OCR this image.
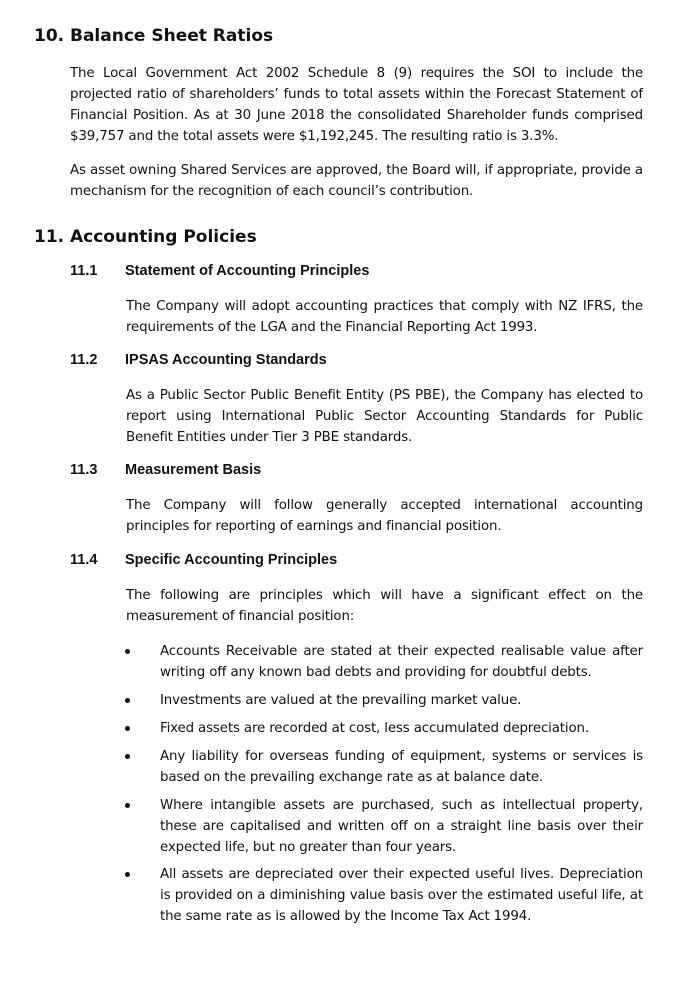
10. Balance Sheet Ratios

The Local Government Act 2002 Schedule 8 (9) requires the SOI to include the projected ratio of shareholders’ funds to total assets within the Forecast Statement of Financial Position. As at 30 June 2018 the consolidated Shareholder funds comprised $39,757 and the total assets were $1,192,245. The resulting ratio is 3.3%.

As asset owning Shared Services are approved, the Board will, if appropriate, provide a mechanism for the recognition of each council’s contribution.

11. Accounting Policies
11.1 Statement of Accounting Principles

The Company will adopt accounting practices that comply with NZ IFRS, the requirements of the LGA and the Financial Reporting Act 1993.

11.2 IPSAS Accounting Standards

As a Public Sector Public Benefit Entity (PS PBE), the Company has elected to report using International Public Sector Accounting Standards for Public Benefit Entities under Tier 3 PBE standards.

11.3 Measurement Basis

The Company will follow generally accepted international accounting principles for reporting of earnings and financial position.

11.4 Specific Accounting Principles

The following are principles which will have a significant effect on the measurement of financial position:

Accounts Receivable are stated at their expected realisable value after writing off any known bad debts and providing for doubtful debts.
Investments are valued at the prevailing market value.
Fixed assets are recorded at cost, less accumulated depreciation.
Any liability for overseas funding of equipment, systems or services is based on the prevailing exchange rate as at balance date.
Where intangible assets are purchased, such as intellectual property, these are capitalised and written off on a straight line basis over their expected life, but no greater than four years.
All assets are depreciated over their expected useful lives. Depreciation is provided on a diminishing value basis over the estimated useful life, at the same rate as is allowed by the Income Tax Act 1994.
